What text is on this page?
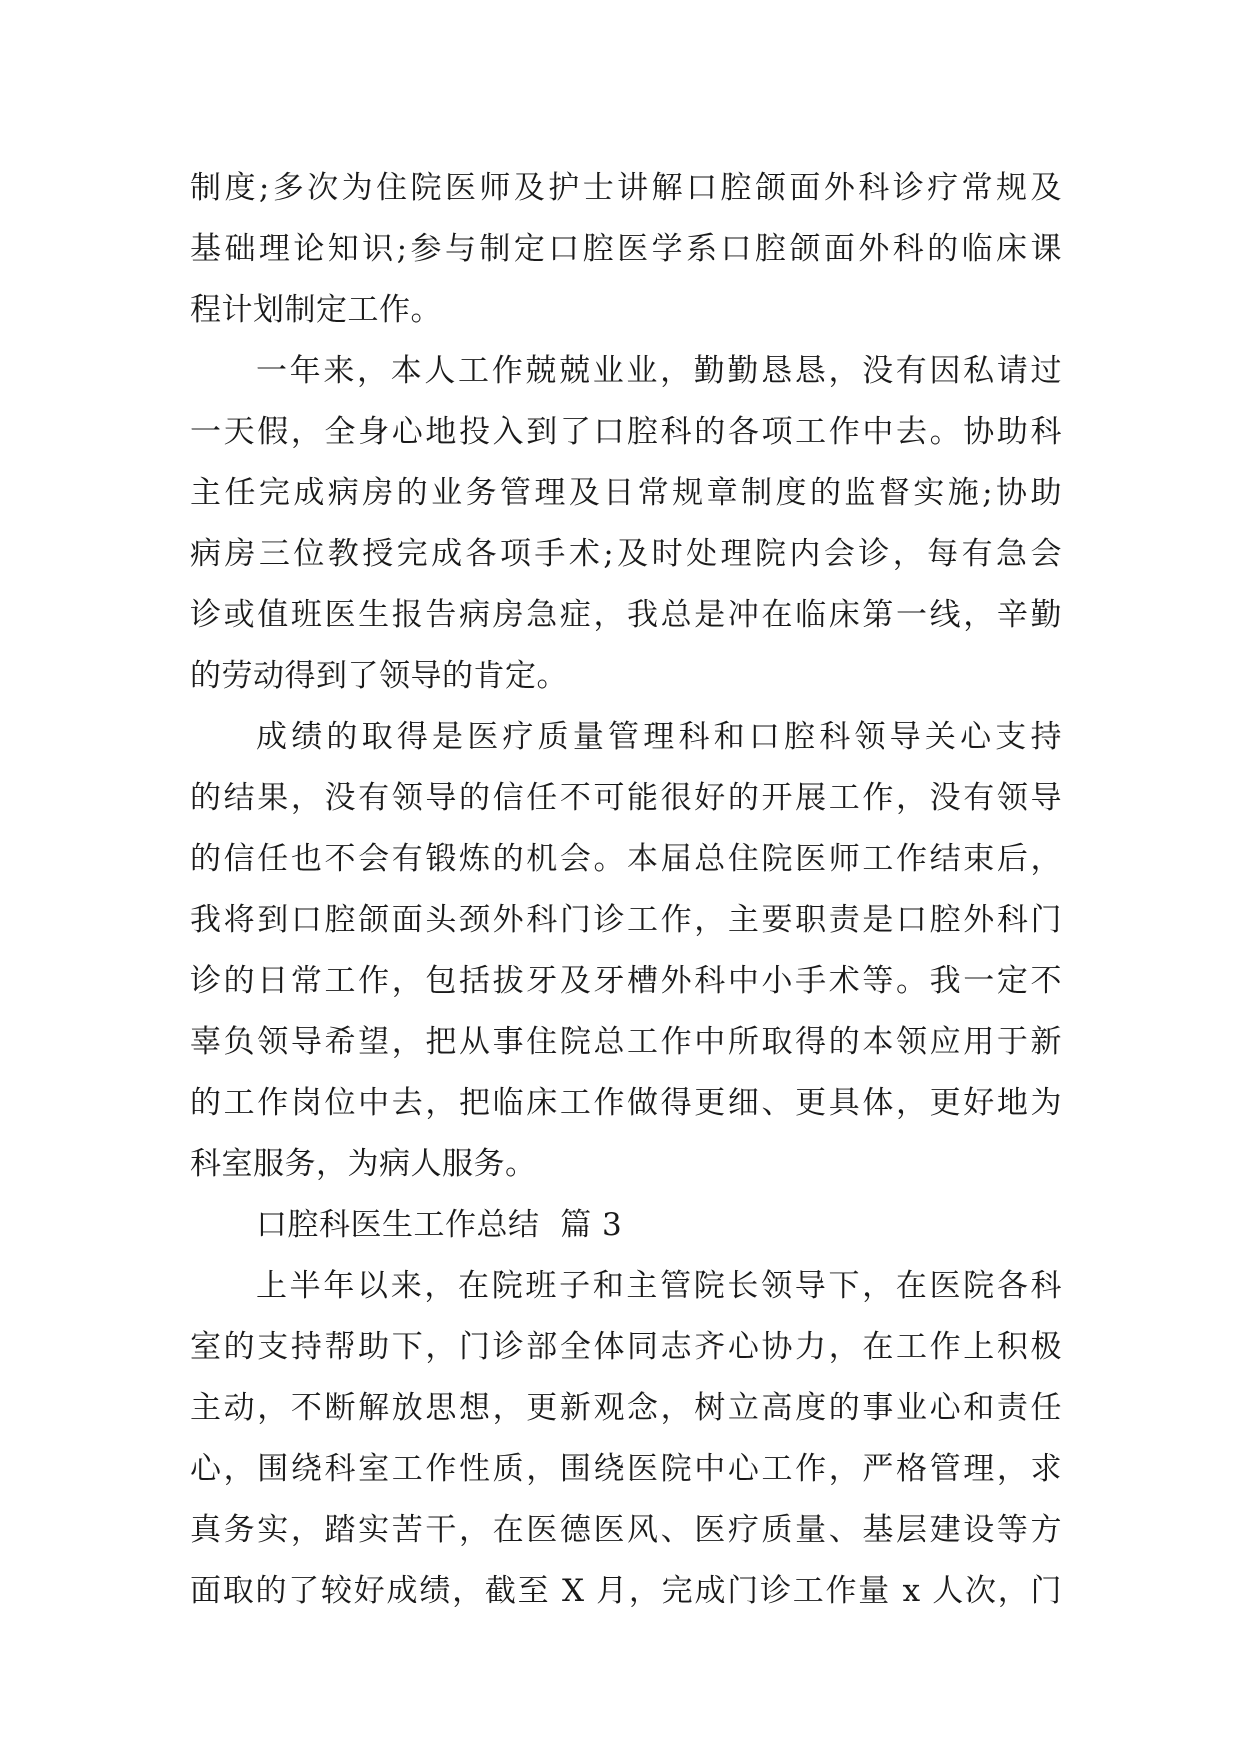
制度;多次为住院医师及护士讲解口腔颌面外科诊疗常规及
基础理论知识;参与制定口腔医学系口腔颌面外科的临床课
程计划制定工作。
一年来，本人工作兢兢业业，勤勤恳恳，没有因私请过
一天假，全身心地投入到了口腔科的各项工作中去。协助科
主任完成病房的业务管理及日常规章制度的监督实施;协助
病房三位教授完成各项手术;及时处理院内会诊，每有急会
诊或值班医生报告病房急症，我总是冲在临床第一线，辛勤
的劳动得到了领导的肯定。
成绩的取得是医疗质量管理科和口腔科领导关心支持
的结果，没有领导的信任不可能很好的开展工作，没有领导
的信任也不会有锻炼的机会。本届总住院医师工作结束后，
我将到口腔颌面头颈外科门诊工作，主要职责是口腔外科门
诊的日常工作，包括拔牙及牙槽外科中小手术等。我一定不
辜负领导希望，把从事住院总工作中所取得的本领应用于新
的工作岗位中去，把临床工作做得更细、更具体，更好地为
科室服务，为病人服务。
口腔科医生工作总结  篇 3
上半年以来，在院班子和主管院长领导下，在医院各科
室的支持帮助下，门诊部全体同志齐心协力，在工作上积极
主动，不断解放思想，更新观念，树立高度的事业心和责任
心，围绕科室工作性质，围绕医院中心工作，严格管理，求
真务实，踏实苦干，在医德医风、医疗质量、基层建设等方
面取的了较好成绩，截至 X 月，完成门诊工作量 x 人次，门
